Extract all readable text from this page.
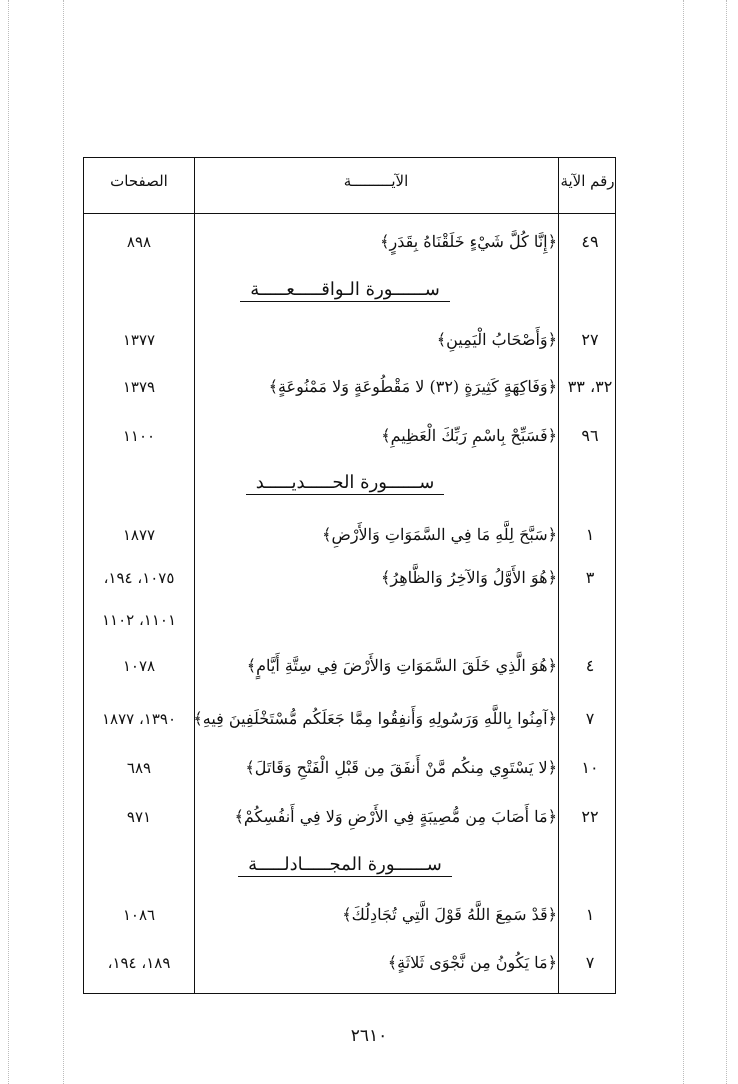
رقم الآية
الآيـــــــــة
الصفحات
٤٩
﴿إِنَّا كُلَّ شَيْءٍ خَلَقْنَاهُ بِقَدَرٍ﴾
٨٩٨
ســــــورة الـواقـــــعـــــة
٢٧
﴿وَأَصْحَابُ الْيَمِينِ﴾
١٣٧٧
٣٢، ٣٣
﴿وَفَاكِهَةٍ كَثِيرَةٍ (٣٢) لا مَقْطُوعَةٍ وَلا مَمْنُوعَةٍ﴾
١٣٧٩
٩٦
﴿فَسَبِّحْ بِاسْمِ رَبِّكَ الْعَظِيمِ﴾
١١٠٠
ســــــورة الحـــــديـــــد
١
﴿سَبَّحَ لِلَّهِ مَا فِي السَّمَوَاتِ وَالأَرْضِ﴾
١٨٧٧
٣
﴿هُوَ الأَوَّلُ وَالآخِرُ وَالظَّاهِرُ﴾
١٠٧٥، ١٩٤،
١١٠١، ١١٠٢
٤
﴿هُوَ الَّذِي خَلَقَ السَّمَوَاتِ وَالأَرْضَ فِي سِتَّةِ أَيَّامٍ﴾
١٠٧٨
٧
﴿آمِنُوا بِاللَّهِ وَرَسُولِهِ وَأَنفِقُوا مِمَّا جَعَلَكُم مُّسْتَخْلَفِينَ فِيهِ﴾
١٣٩٠، ١٨٧٧
١٠
﴿لا يَسْتَوِي مِنكُم مَّنْ أَنفَقَ مِن قَبْلِ الْفَتْحِ وَقَاتَلَ﴾
٦٨٩
٢٢
﴿مَا أَصَابَ مِن مُّصِيبَةٍ فِي الأَرْضِ وَلا فِي أَنفُسِكُمْ﴾
٩٧١
ســــــورة المجـــــادلـــــة
١
﴿قَدْ سَمِعَ اللَّهُ قَوْلَ الَّتِي تُجَادِلُكَ﴾
١٠٨٦
٧
﴿مَا يَكُونُ مِن نَّجْوَى ثَلاثَةٍ﴾
١٨٩، ١٩٤،
٢٦١٠
